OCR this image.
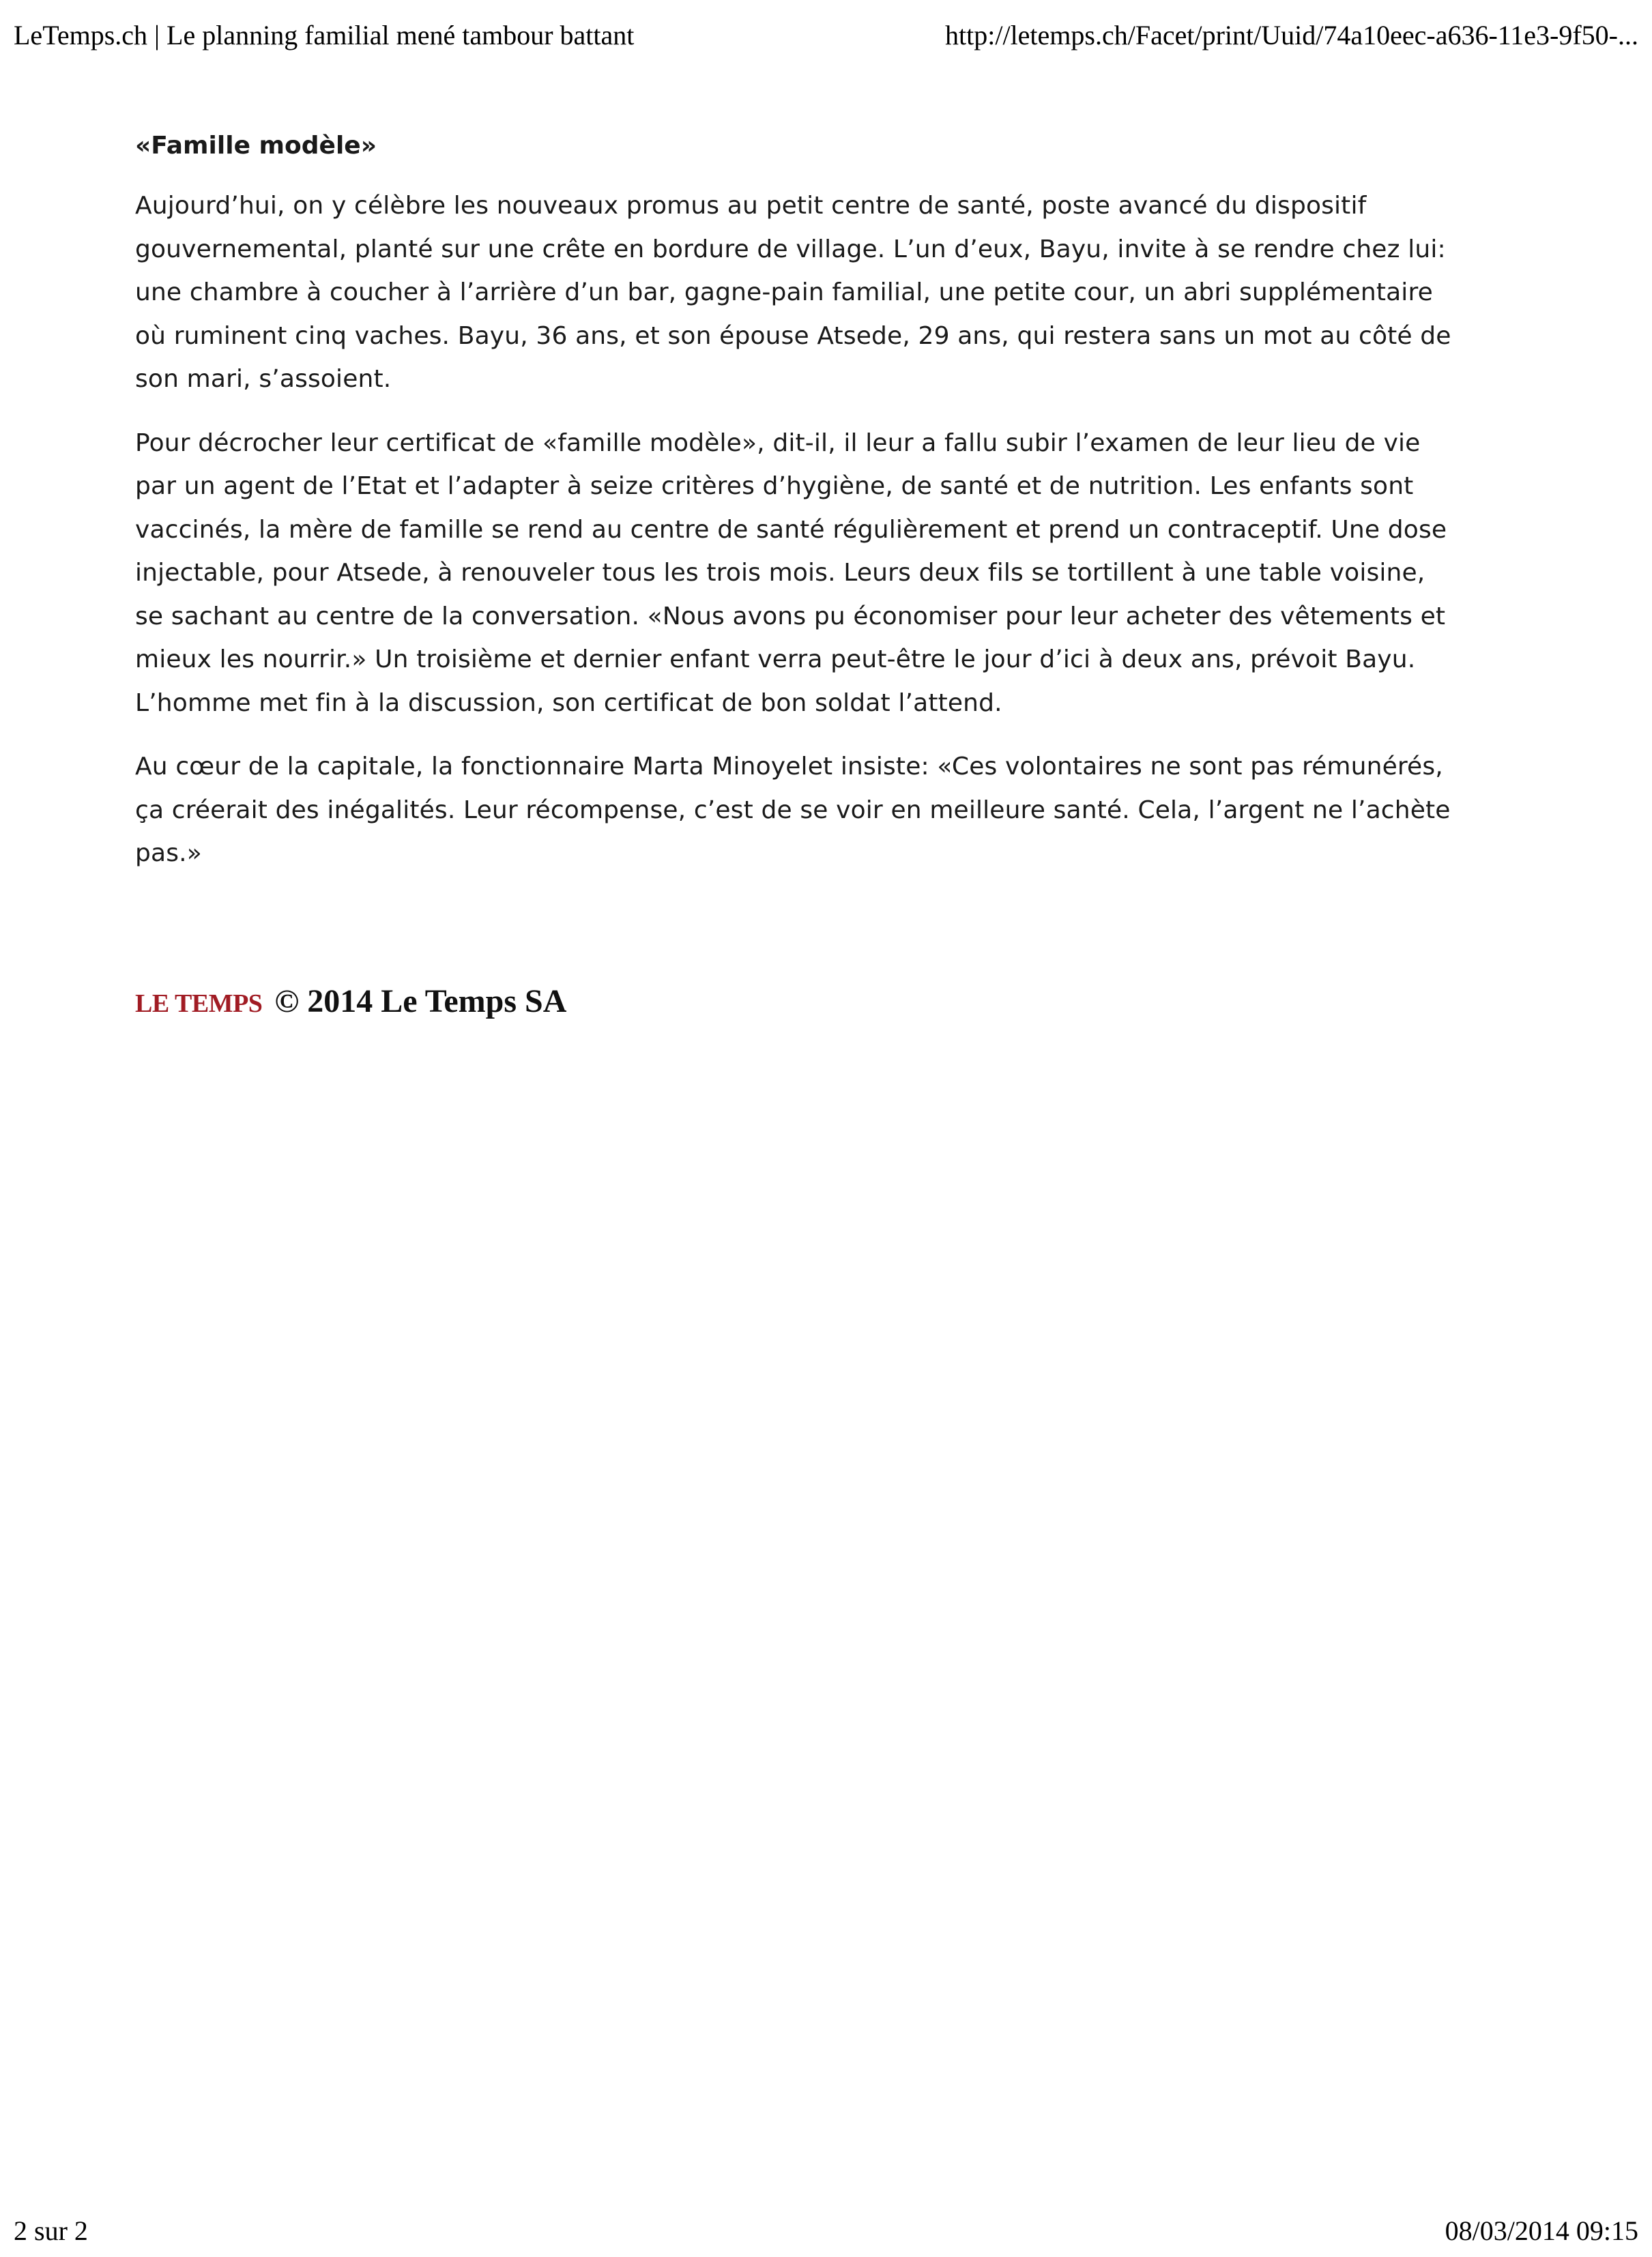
LeTemps.ch | Le planning familial mené tambour battant	http://letemps.ch/Facet/print/Uuid/74a10eec-a636-11e3-9f50-...
«Famille modèle»

Aujourd’hui, on y célèbre les nouveaux promus au petit centre de santé, poste avancé du dispositif gouvernemental, planté sur une crête en bordure de village. L’un d’eux, Bayu, invite à se rendre chez lui: une chambre à coucher à l’arrière d’un bar, gagne-pain familial, une petite cour, un abri supplémentaire où ruminent cinq vaches. Bayu, 36 ans, et son épouse Atsede, 29 ans, qui restera sans un mot au côté de son mari, s’assoient.

Pour décrocher leur certificat de «famille modèle», dit-il, il leur a fallu subir l’examen de leur lieu de vie par un agent de l’Etat et l’adapter à seize critères d’hygiène, de santé et de nutrition. Les enfants sont vaccinés, la mère de famille se rend au centre de santé régulièrement et prend un contraceptif. Une dose injectable, pour Atsede, à renouveler tous les trois mois. Leurs deux fils se tortillent à une table voisine, se sachant au centre de la conversation. «Nous avons pu économiser pour leur acheter des vêtements et mieux les nourrir.» Un troisième et dernier enfant verra peut-être le jour d’ici à deux ans, prévoit Bayu. L’homme met fin à la discussion, son certificat de bon soldat l’attend.

Au cœur de la capitale, la fonctionnaire Marta Minoyelet insiste: «Ces volontaires ne sont pas rémunérés, ça créerait des inégalités. Leur récompense, c’est de se voir en meilleure santé. Cela, l’argent ne l’achète pas.»

LE TEMPS © 2014 Le Temps SA
2 sur 2	08/03/2014 09:15
